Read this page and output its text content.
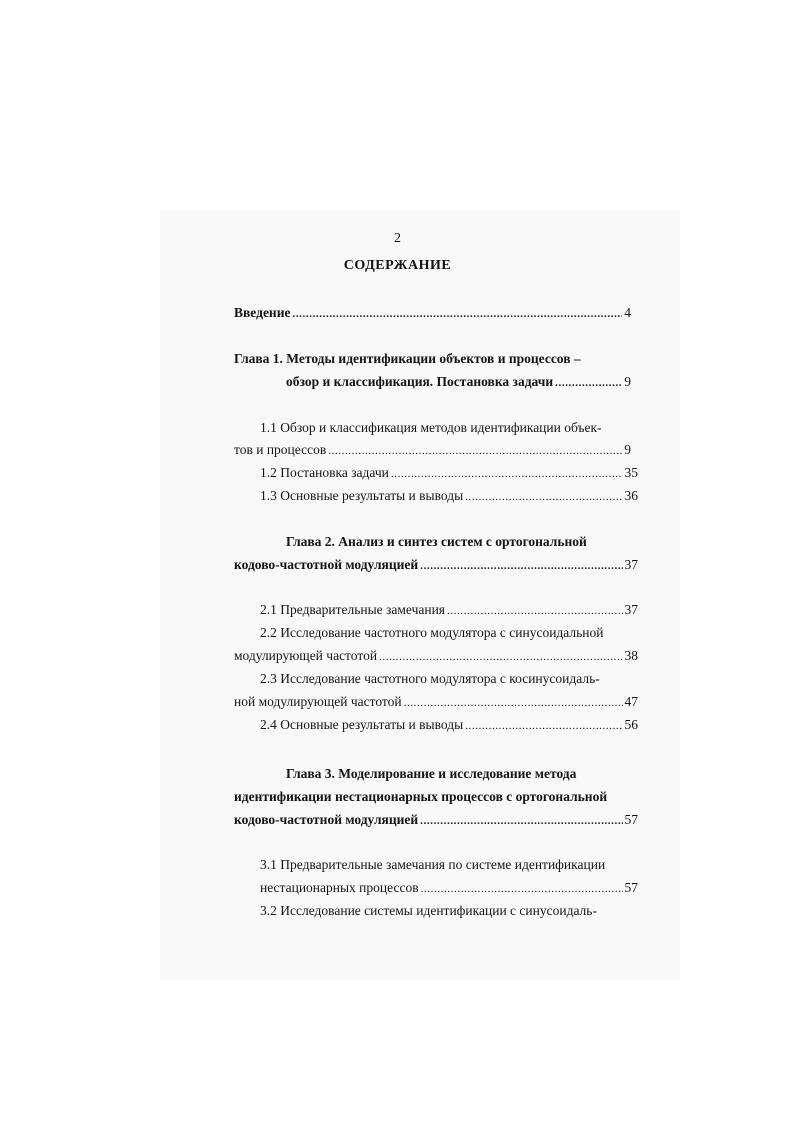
2
СОДЕРЖАНИЕ
Введение .....	4
Глава 1. Методы идентификации объектов и процессов –
обзор и классификация. Постановка задачи .....	9
1.1 Обзор и классификация методов идентификации объек-
тов и процессов .....	9
1.2 Постановка задачи .....	35
1.3 Основные результаты и выводы .....	36
Глава 2. Анализ и синтез систем с ортогональной
кодово-частотной модуляцией .....	37
2.1 Предварительные замечания .....	37
2.2 Исследование частотного модулятора с синусоидальной
модулирующей частотой .....	38
2.3 Исследование частотного модулятора с косинусоидаль-
ной модулирующей частотой .....	47
2.4 Основные результаты и выводы .....	56
Глава 3. Моделирование и исследование метода
идентификации нестационарных процессов с ортогональной
кодово-частотной модуляцией .....	57
3.1 Предварительные замечания по системе идентификации
нестационарных процессов .....	57
3.2 Исследование системы идентификации с синусоидаль-
